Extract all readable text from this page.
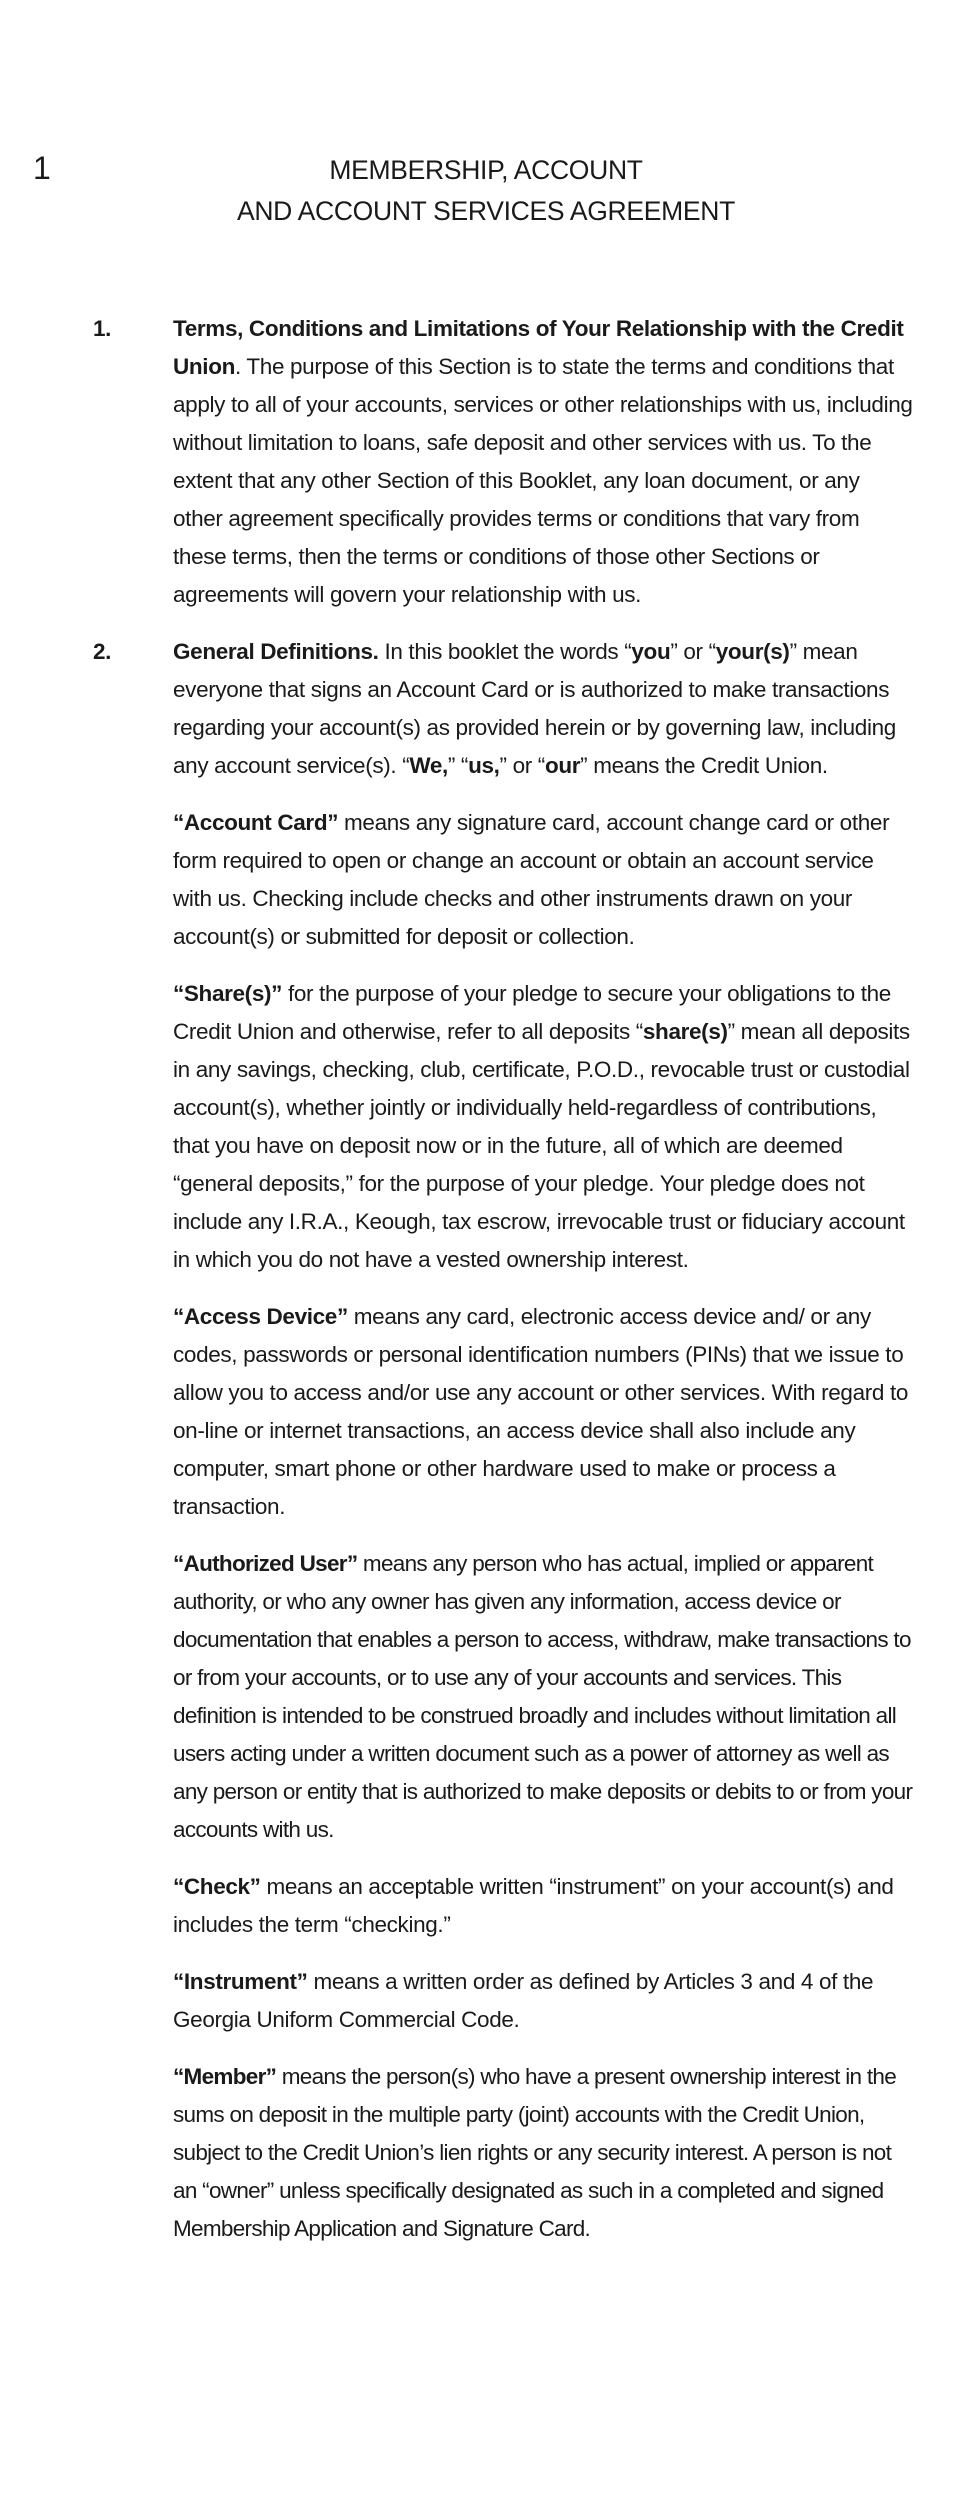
1	MEMBERSHIP, ACCOUNT
AND ACCOUNT SERVICES AGREEMENT
1.	Terms, Conditions and Limitations of Your Relationship with the Credit Union. The purpose of this Section is to state the terms and conditions that apply to all of your accounts, services or other relationships with us, including without limitation to loans, safe deposit and other services with us. To the extent that any other Section of this Booklet, any loan document, or any other agreement specifically provides terms or conditions that vary from these terms, then the terms or conditions of those other Sections or agreements will govern your relationship with us.

2.	General Definitions. In this booklet the words “you” or “your(s)” mean everyone that signs an Account Card or is authorized to make transactions regarding your account(s) as provided herein or by governing law, including any account service(s). “We,” “us,” or “our” means the Credit Union.

“Account Card” means any signature card, account change card or other form required to open or change an account or obtain an account service with us. Checking include checks and other instruments drawn on your account(s) or submitted for deposit or collection.

“Share(s)” for the purpose of your pledge to secure your obligations to the Credit Union and otherwise, refer to all deposits “share(s)” mean all deposits in any savings, checking, club, certificate, P.O.D., revocable trust or custodial account(s), whether jointly or individually held-regardless of contributions, that you have on deposit now or in the future, all of which are deemed “general deposits,” for the purpose of your pledge. Your pledge does not include any I.R.A., Keough, tax escrow, irrevocable trust or fiduciary account in which you do not have a vested ownership interest.

“Access Device” means any card, electronic access device and/ or any codes, passwords or personal identification numbers (PINs) that we issue to allow you to access and/or use any account or other services. With regard to on-line or internet transactions, an access device shall also include any computer, smart phone or other hardware used to make or process a transaction.

“Authorized User” means any person who has actual, implied or apparent authority, or who any owner has given any information, access device or documentation that enables a person to access, withdraw, make transactions to or from your accounts, or to use any of your accounts and services. This definition is intended to be construed broadly and includes without limitation all users acting under a written document such as a power of attorney as well as any person or entity that is authorized to make deposits or debits to or from your accounts with us.

“Check” means an acceptable written “instrument” on your account(s) and includes the term “checking.”

“Instrument” means a written order as defined by Articles 3 and 4 of the Georgia Uniform Commercial Code.

“Member” means the person(s) who have a present ownership interest in the sums on deposit in the multiple party (joint) accounts with the Credit Union, subject to the Credit Union’s lien rights or any security interest. A person is not an “owner” unless specifically designated as such in a completed and signed Membership Application and Signature Card.
